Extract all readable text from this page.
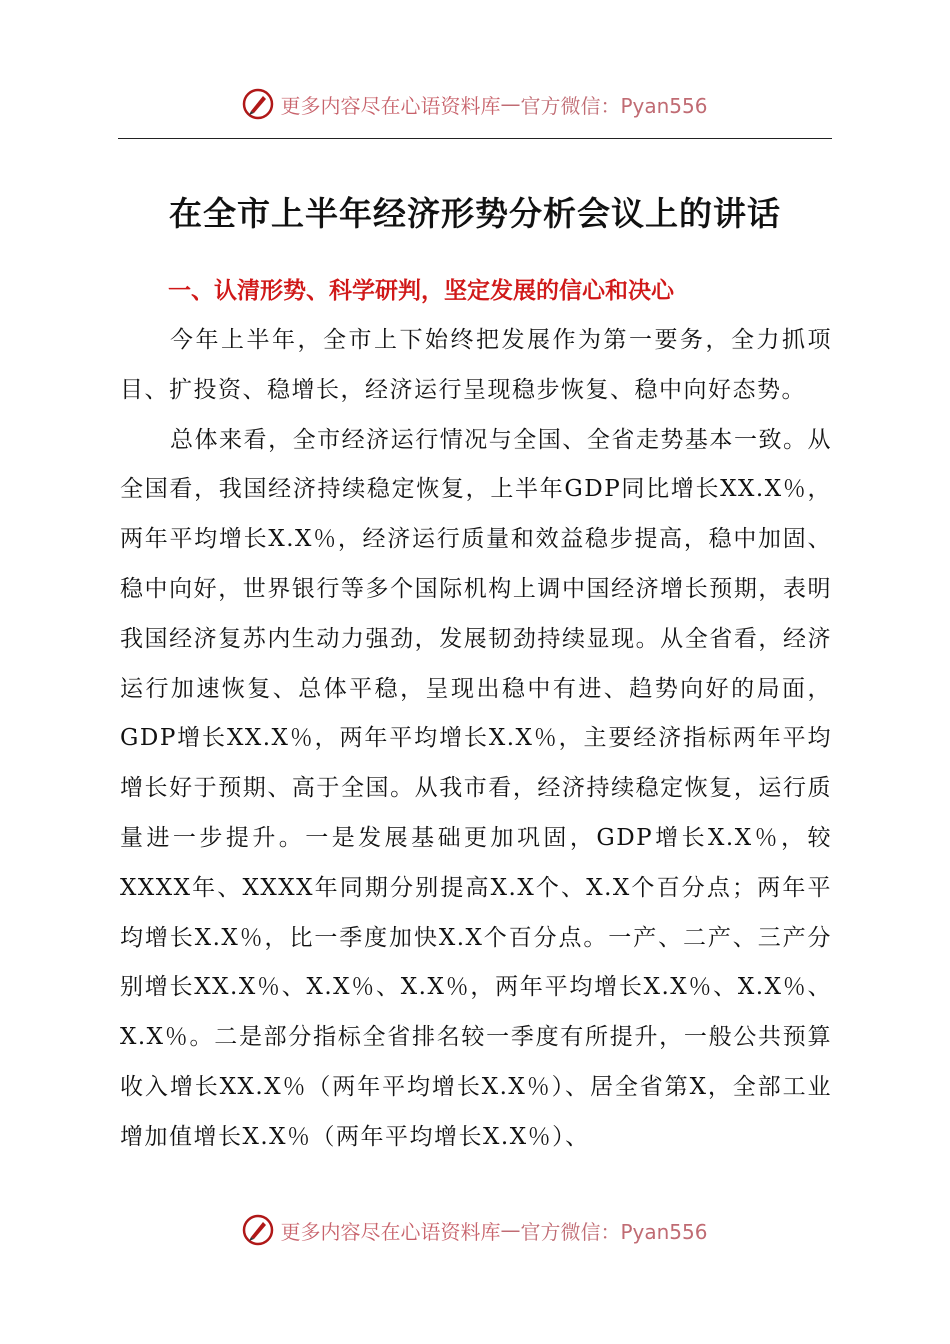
更多内容尽在心语资料库 — 官方微信：Pyan556
在全市上半年经济形势分析会议上的讲话
一、认清形势、科学研判，坚定发展的信心和决心

今年上半年，全市上下始终把发展作为第一要务，全力抓项目、扩投资、稳增长，经济运行呈现稳步恢复、稳中向好态势。

总体来看，全市经济运行情况与全国、全省走势基本一致。从全国看，我国经济持续稳定恢复，上半年GDP同比增长XX.X％，两年平均增长X.X％，经济运行质量和效益稳步提高，稳中加固、稳中向好，世界银行等多个国际机构上调中国经济增长预期，表明我国经济复苏内生动力强劲，发展韧劲持续显现。从全省看，经济运行加速恢复、总体平稳，呈现出稳中有进、趋势向好的局面，GDP增长XX.X％，两年平均增长X.X％，主要经济指标两年平均增长好于预期、高于全国。从我市看，经济持续稳定恢复，运行质量进一步提升。一是发展基础更加巩固，GDP增长X.X％，较XXXX年、XXXX年同期分别提高X.X个、X.X个百分点；两年平均增长X.X％，比一季度加快X.X个百分点。一产、二产、三产分别增长XX.X％、X.X％、X.X％，两年平均增长X.X％、X.X％、X.X％。二是部分指标全省排名较一季度有所提升，一般公共预算收入增长XX.X％（两年平均增长X.X％）、居全省第X，全部工业增加值增长X.X％（两年平均增长X.X％）、

更多内容尽在心语资料库 — 官方微信：Pyan556
